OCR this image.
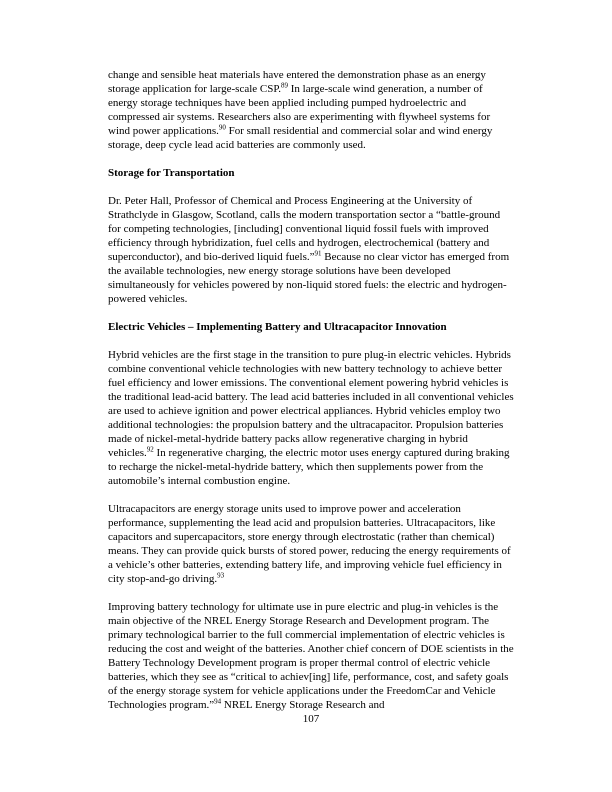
change and sensible heat materials have entered the demonstration phase as an energy storage application for large-scale CSP.$^{89}$ In large-scale wind generation, a number of energy storage techniques have been applied including pumped hydroelectric and compressed air systems. Researchers also are experimenting with flywheel systems for wind power applications.$^{90}$ For small residential and commercial solar and wind energy storage, deep cycle lead acid batteries are commonly used.

Storage for Transportation

Dr. Peter Hall, Professor of Chemical and Process Engineering at the University of Strathclyde in Glasgow, Scotland, calls the modern transportation sector a “battle-ground for competing technologies, [including] conventional liquid fossil fuels with improved efficiency through hybridization, fuel cells and hydrogen, electrochemical (battery and superconductor), and bio-derived liquid fuels.”$^{91}$ Because no clear victor has emerged from the available technologies, new energy storage solutions have been developed simultaneously for vehicles powered by non-liquid stored fuels: the electric and hydrogen-powered vehicles.

Electric Vehicles – Implementing Battery and Ultracapacitor Innovation

Hybrid vehicles are the first stage in the transition to pure plug-in electric vehicles. Hybrids combine conventional vehicle technologies with new battery technology to achieve better fuel efficiency and lower emissions. The conventional element powering hybrid vehicles is the traditional lead-acid battery. The lead acid batteries included in all conventional vehicles are used to achieve ignition and power electrical appliances. Hybrid vehicles employ two additional technologies: the propulsion battery and the ultracapacitor. Propulsion batteries made of nickel-metal-hydride battery packs allow regenerative charging in hybrid vehicles.$^{92}$ In regenerative charging, the electric motor uses energy captured during braking to recharge the nickel-metal-hydride battery, which then supplements power from the automobile’s internal combustion engine.

Ultracapacitors are energy storage units used to improve power and acceleration performance, supplementing the lead acid and propulsion batteries. Ultracapacitors, like capacitors and supercapacitors, store energy through electrostatic (rather than chemical) means. They can provide quick bursts of stored power, reducing the energy requirements of a vehicle’s other batteries, extending battery life, and improving vehicle fuel efficiency in city stop-and-go driving.$^{93}$

Improving battery technology for ultimate use in pure electric and plug-in vehicles is the main objective of the NREL Energy Storage Research and Development program. The primary technological barrier to the full commercial implementation of electric vehicles is reducing the cost and weight of the batteries. Another chief concern of DOE scientists in the Battery Technology Development program is proper thermal control of electric vehicle batteries, which they see as “critical to achiev[ing] life, performance, cost, and safety goals of the energy storage system for vehicle applications under the FreedomCar and Vehicle Technologies program.”$^{94}$ NREL Energy Storage Research and

107
